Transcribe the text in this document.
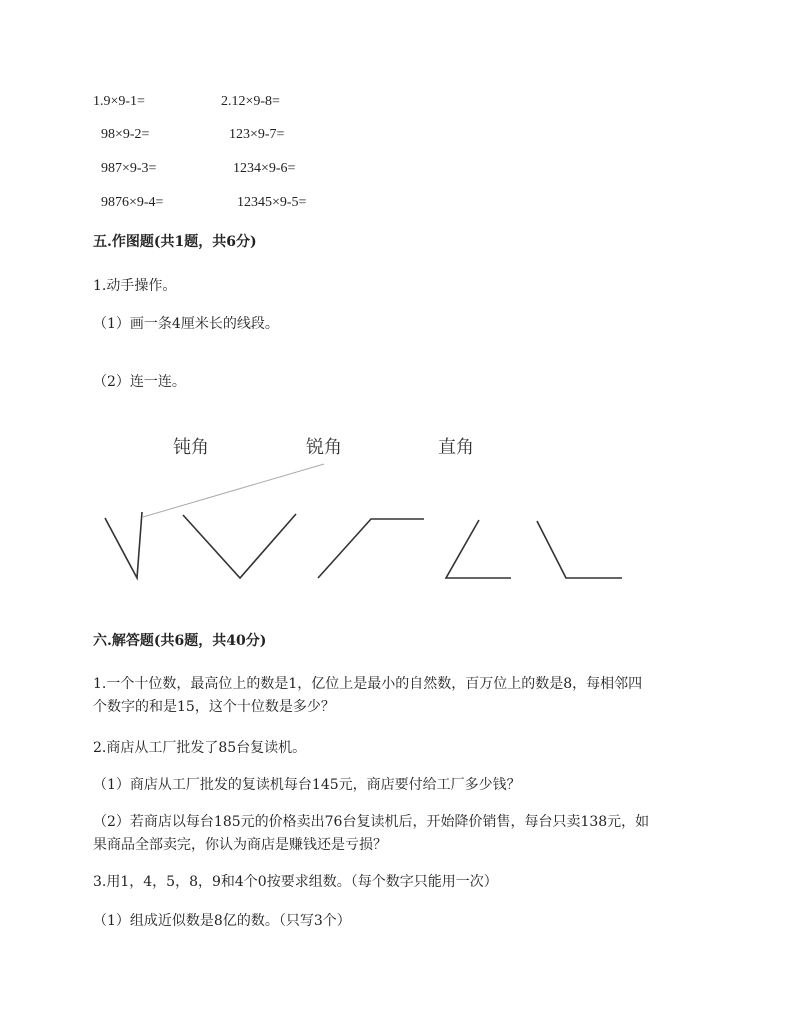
1.9×9-1=	2.12×9-8=
98×9-2=	123×9-7=
987×9-3=	1234×9-6=
9876×9-4=	12345×9-5=
五.作图题(共1题，共6分)
1.动手操作。
（1）画一条4厘米长的线段。
（2）连一连。
钝角	锐角	直角
六.解答题(共6题，共40分)
1.一个十位数，最高位上的数是1，亿位上是最小的自然数，百万位上的数是8，每相邻四
个数字的和是15，这个十位数是多少？
2.商店从工厂批发了85台复读机。
（1）商店从工厂批发的复读机每台145元，商店要付给工厂多少钱？
（2）若商店以每台185元的价格卖出76台复读机后，开始降价销售，每台只卖138元，如
果商品全部卖完，你认为商店是赚钱还是亏损？
3.用1，4，5，8，9和4个0按要求组数。（每个数字只能用一次）
（1）组成近似数是8亿的数。（只写3个）
